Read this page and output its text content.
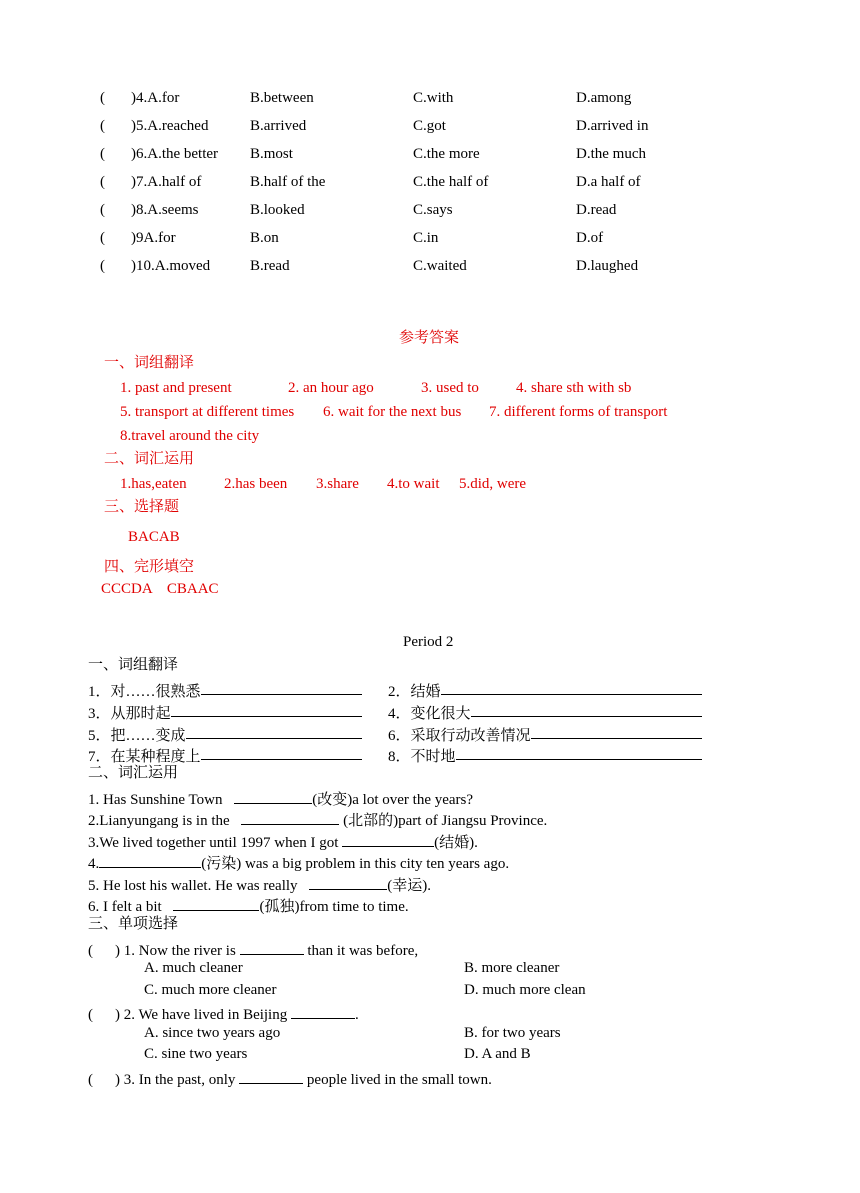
( )4.A.for	B.between	C.with	D.among
( )5.A.reached	B.arrived	C.got	D.arrived in
( )6.A.the better B.most	C.the more	D.the much
( )7.A.half of	B.half of the	C.the half of	D.a half of
( )8.A.seems	B.looked	C.says	D.read
( )9A.for	B.on	C.in	D.of
( )10.A.moved	B.read	C.waited	D.laughed
参考答案
一、词组翻译
1. past and present	2. an hour ago	3. used to 4. share sth with sb
5. transport at different times 6. wait for the next bus 7. different forms of transport
8.travel around the city
二、词汇运用
1.has,eaten 2.has been 3.share 4.to wait 5.did, were
三、选择题
BACAB
四、完形填空
CCCDA　CBAAC
Period 2
一、词组翻译
1．对……很熟悉	2．结婚
3．从那时起	4．变化很大
5．把……变成	6．采取行动改善情况
7．在某种程度上	8．不时地
二、词汇运用
1. Has Sunshine Town	(改变)a lot over the years?
2.Lianyungang is in the	(北部的)part of Jiangsu Province.
3.We lived together until 1997 when I got	(结婚).
4.	(污染) was a big problem in this city ten years ago.
5. He lost his wallet. He was really	(幸运).
6. I felt a bit	(孤独)from time to time.
三、单项选择
( ) 1. Now the river is	than it was before,
A. much cleaner	B. more cleaner
C. much more cleaner	D. much more clean
( ) 2. We have lived in Beijing	.
A. since two years ago	B. for two years
C. sine two years	D. A and B
( ) 3. In the past, only	people lived in the small town.
